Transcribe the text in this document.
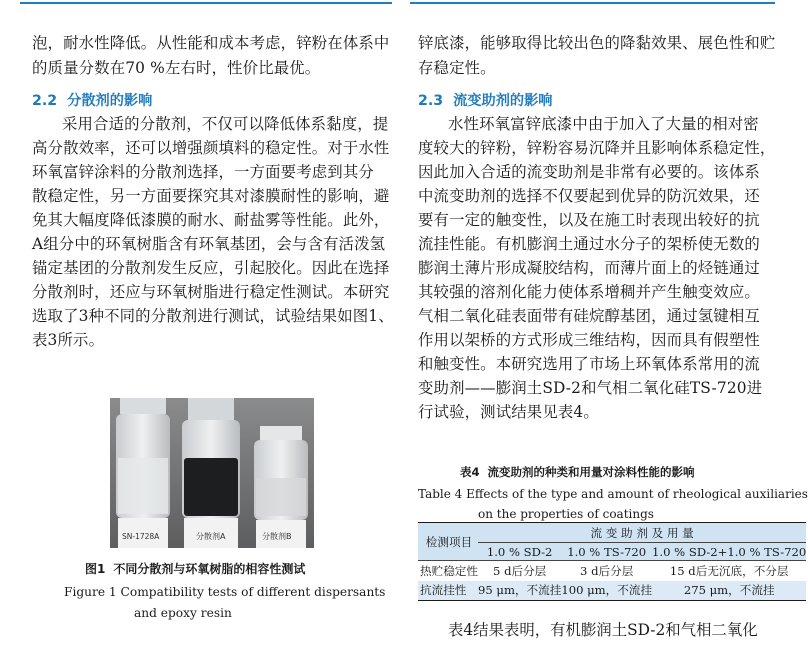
泡，耐水性降低。从性能和成本考虑，锌粉在体系中
的质量分数在70 %左右时，性价比最优。
2.2 分散剂的影响
采用合适的分散剂，不仅可以降低体系黏度，提
高分散效率，还可以增强颜填料的稳定性。对于水性
环氧富锌涂料的分散剂选择，一方面要考虑到其分
散稳定性，另一方面要探究其对漆膜耐性的影响，避
免其大幅度降低漆膜的耐水、耐盐雾等性能。此外，
A组分中的环氧树脂含有环氧基团，会与含有活泼氢
锚定基团的分散剂发生反应，引起胶化。因此在选择
分散剂时，还应与环氧树脂进行稳定性测试。本研究
选取了3种不同的分散剂进行测试，试验结果如图1、
表3所示。
SN-1728A	分散剂A	分散剂B
图1 不同分散剂与环氧树脂的相容性测试
Figure 1 Compatibility tests of different dispersants
and epoxy resin
锌底漆，能够取得比较出色的降黏效果、展色性和贮
存稳定性。
2.3 流变助剂的影响
水性环氧富锌底漆中由于加入了大量的相对密
度较大的锌粉，锌粉容易沉降并且影响体系稳定性，
因此加入合适的流变助剂是非常有必要的。该体系
中流变助剂的选择不仅要起到优异的防沉效果，还
要有一定的触变性，以及在施工时表现出较好的抗
流挂性能。有机膨润土通过水分子的架桥使无数的
膨润土薄片形成凝胶结构，而薄片面上的烃链通过
其较强的溶剂化能力使体系增稠并产生触变效应。
气相二氧化硅表面带有硅烷醇基团，通过氢键相互
作用以架桥的方式形成三维结构，因而具有假塑性
和触变性。本研究选用了市场上环氧体系常用的流
变助剂——膨润土SD-2和气相二氧化硅TS-720进
行试验，测试结果见表4。
表4 流变助剂的种类和用量对涂料性能的影响
Table 4 Effects of the type and amount of rheological auxiliaries
on the properties of coatings
检测项目	流 变 助 剂 及 用 量		
	1.0 % SD-2	1.0 % TS-720	1.0 % SD-2+1.0 % TS-720
热贮稳定性	5 d后分层	3 d后分层	15 d后无沉底，不分层
抗流挂性	95 μm，不流挂	100 μm，不流挂	275 μm，不流挂
表4结果表明，有机膨润土SD-2和气相二氧化
